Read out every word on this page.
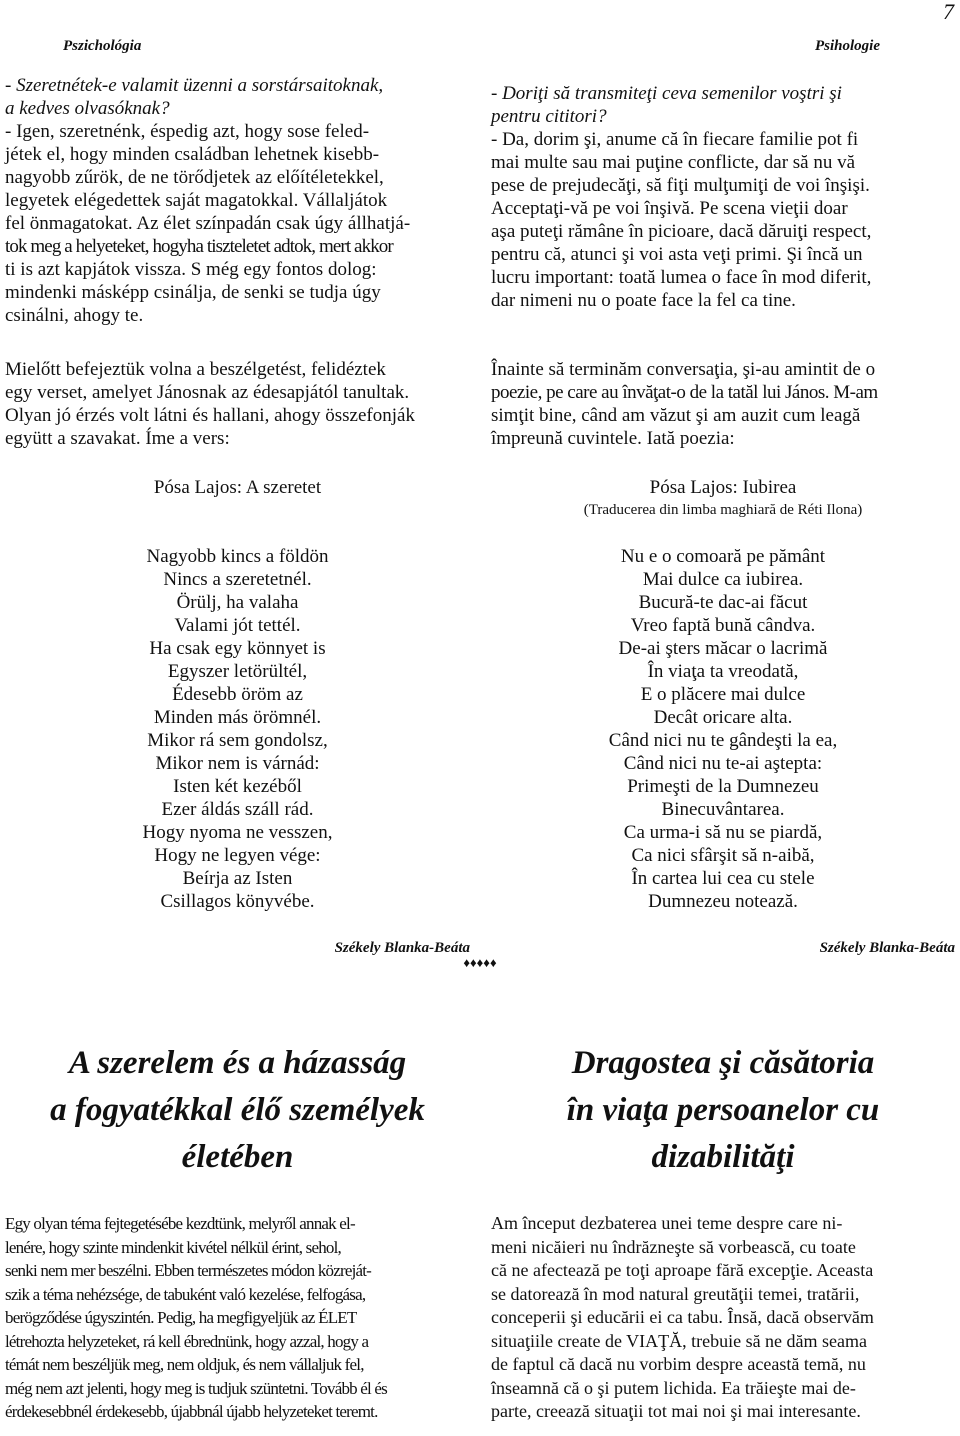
7
Pszichológia

- Szeretnétek-e valamit üzenni a sorstársaitoknak,
a kedves olvasóknak?
- Igen, szeretnénk, éspedig azt, hogy sose feled-
jétek el, hogy minden családban lehetnek kisebb-
nagyobb zűrök, de ne törődjetek az előítéletekkel,
legyetek elégedettek saját magatokkal. Vállaljátok
fel önmagatokat. Az élet színpadán csak úgy állhatjá-
tok meg a helyeteket, hogyha tiszteletet adtok, mert akkor
ti is azt kapjátok vissza. S még egy fontos dolog:
mindenki másképp csinálja, de senki se tudja úgy
csinálni, ahogy te.

Mielőtt befejeztük volna a beszélgetést, felidéztek
egy verset, amelyet Jánosnak az édesapjától tanultak.
Olyan jó érzés volt látni és hallani, ahogy összefonják
együtt a szavakat. Íme a vers:

Pósa Lajos: A szeretet
Nagyobb kincs a földön
Nincs a szeretetnél.
Örülj, ha valaha
Valami jót tettél.
Ha csak egy könnyet is
Egyszer letörültél,
Édesebb öröm az
Minden más örömnél.
Mikor rá sem gondolsz,
Mikor nem is várnád:
Isten két kezéből
Ezer áldás száll rád.
Hogy nyoma ne vesszen,
Hogy ne legyen vége:
Beírja az Isten
Csillagos könyvébe.
Székely Blanka-Beáta
A szerelem és a házasság
a fogyatékkal élő személyek
életében
Egy olyan téma fejtegetésébe kezdtünk, melyről annak el-
lenére, hogy szinte mindenkit kivétel nélkül érint, sehol,
senki nem mer beszélni. Ebben természetes módon közreját-
szik a téma nehézsége, de tabuként való kezelése, felfogása,
berögződése úgyszintén. Pedig, ha megfigyeljük az ÉLET
létrehozta helyzeteket, rá kell ébrednünk, hogy azzal, hogy a
témát nem beszéljük meg, nem oldjuk, és nem vállaljuk fel,
még nem azt jelenti, hogy meg is tudjuk szüntetni. Tovább él és
érdekesebbnél érdekesebb, újabbnál újabb helyzeteket teremt.
Psihologie

- Doriţi să transmiteţi ceva semenilor voştri şi
pentru cititori?
- Da, dorim şi, anume că în fiecare familie pot fi
mai multe sau mai puţine conflicte, dar să nu vă
pese de prejudecăţi, să fiţi mulţumiţi de voi înşişi.
Acceptaţi-vă pe voi înşivă. Pe scena vieţii doar
aşa puteţi rămâne în picioare, dacă dăruiţi respect,
pentru că, atunci şi voi asta veţi primi. Şi încă un
lucru important: toată lumea o face în mod diferit,
dar nimeni nu o poate face la fel ca tine.

Înainte să terminăm conversaţia, şi-au amintit de o
poezie, pe care au învăţat-o de la tatăl lui János. M-am
simţit bine, când am văzut şi am auzit cum leagă
împreună cuvintele. Iată poezia:

Pósa Lajos: Iubirea
(Traducerea din limba maghiară de Réti Ilona)
Nu e o comoară pe pământ
Mai dulce ca iubirea.
Bucură-te dac-ai făcut
Vreo faptă bună cândva.
De-ai şters măcar o lacrimă
În viaţa ta vreodată,
E o plăcere mai dulce
Decât oricare alta.
Când nici nu te gândeşti la ea,
Când nici nu te-ai aştepta:
Primeşti de la Dumnezeu
Binecuvântarea.
Ca urma-i să nu se piardă,
Ca nici sfârşit să n-aibă,
În cartea lui cea cu stele
Dumnezeu notează.
Székely Blanka-Beáta
Dragostea şi căsătoria
în viaţa persoanelor cu
dizabilităţi
Am început dezbaterea unei teme despre care ni-
meni nicăieri nu îndrăzneşte să vorbească, cu toate
că ne afectează pe toţi aproape fără excepţie. Aceasta
se datorează în mod natural greutăţii temei, tratării,
conceperii şi educării ei ca tabu. Însă, dacă observăm
situaţiile create de VIAŢĂ, trebuie să ne dăm seama
de faptul că dacă nu vorbim despre această temă, nu
înseamnă că o şi putem lichida. Ea trăieşte mai de-
parte, creează situaţii tot mai noi şi mai interesante.
♦♦♦♦♦
